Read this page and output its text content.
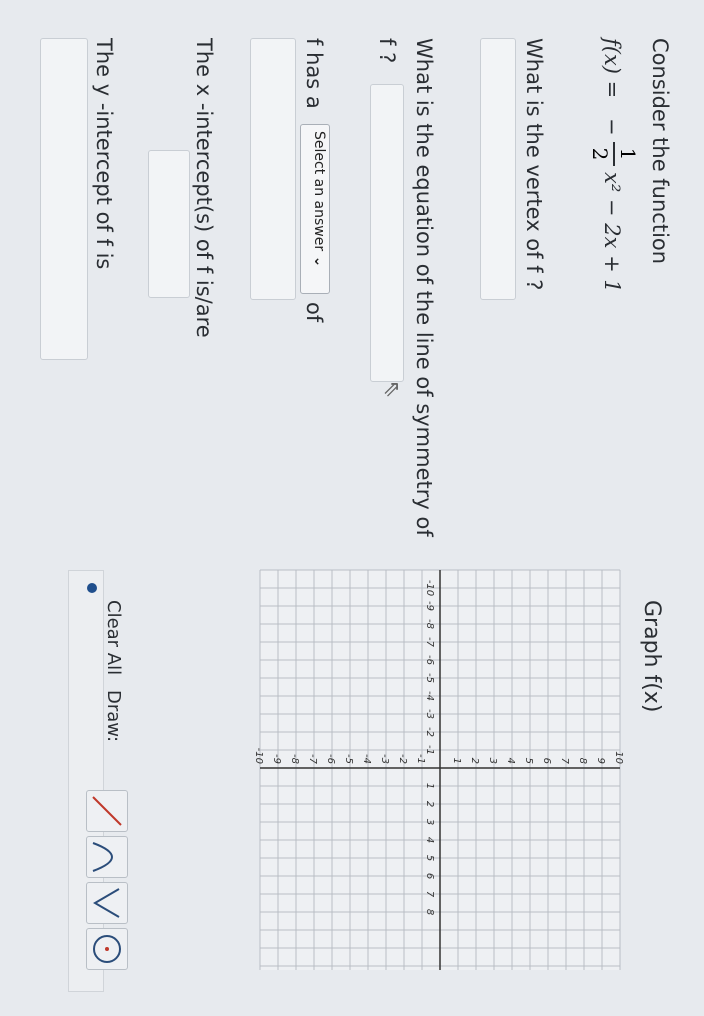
Consider the function
f(x) =
−
1
2
x² − 2x + 1
What is the vertex of f ?
What is the equation of the line of symmetry of
f ?
f has a
Select an answer ⌄
of
The x -intercept(s) of f is/are
The y -intercept of f is
⇖
Graph f(x)
-10
-9
-8
-7
-6
-5
-4
-3
-2
-1
1
2
3
4
5
6
7
8
10
9
8
7
6
5
4
3
2
1
-1
-2
-3
-4
-5
-6
-7
-8
-9
-10
Clear All
Draw:
